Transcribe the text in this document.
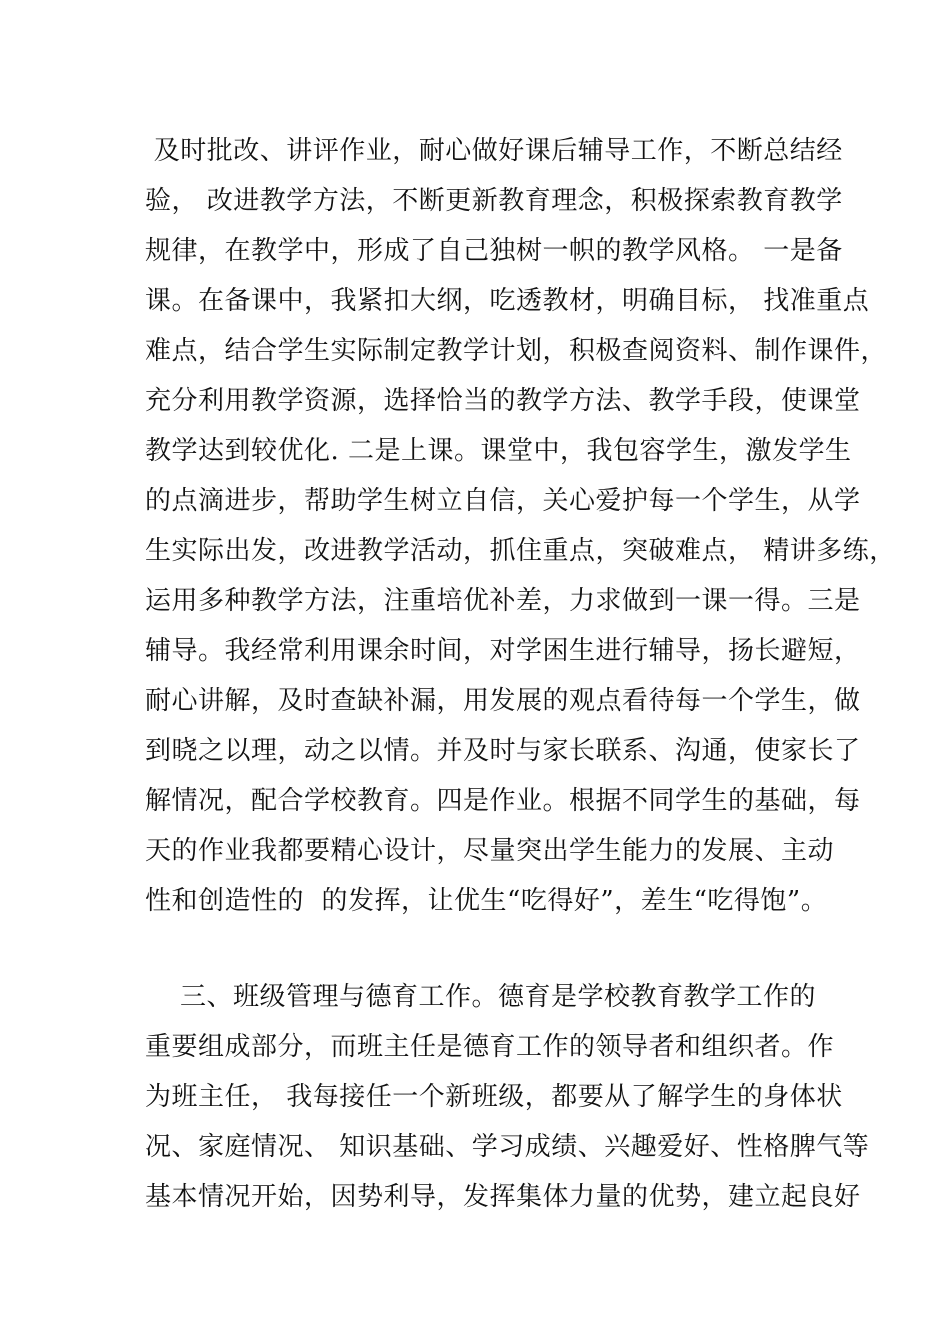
及时批改、讲评作业，耐心做好课后辅导工作，不断总结经
验， 改进教学方法，不断更新教育理念，积极探索教育教学
规律，在教学中，形成了自己独树一帜的教学风格。 一是备
课。在备课中，我紧扣大纲，吃透教材，明确目标， 找准重点
难点，结合学生实际制定教学计划，积极查阅资料、制作课件，
充分利用教学资源，选择恰当的教学方法、教学手段，使课堂
教学达到较优化. 二是上课。课堂中，我包容学生，激发学生
的点滴进步，帮助学生树立自信，关心爱护每一个学生，从学
生实际出发，改进教学活动，抓住重点，突破难点， 精讲多练，
运用多种教学方法，注重培优补差，力求做到一课一得。三是
辅导。我经常利用课余时间，对学困生进行辅导，扬长避短，
耐心讲解，及时查缺补漏，用发展的观点看待每一个学生，做
到晓之以理，动之以情。并及时与家长联系、沟通，使家长了
解情况，配合学校教育。四是作业。根据不同学生的基础，每
天的作业我都要精心设计，尽量突出学生能力的发展、主动
性和创造性的  的发挥，让优生“吃得好”，差生“吃得饱”。
三、班级管理与德育工作。德育是学校教育教学工作的
重要组成部分，而班主任是德育工作的领导者和组织者。作
为班主任， 我每接任一个新班级，都要从了解学生的身体状
况、家庭情况、 知识基础、学习成绩、兴趣爱好、性格脾气等
基本情况开始，因势利导，发挥集体力量的优势，建立起良好
